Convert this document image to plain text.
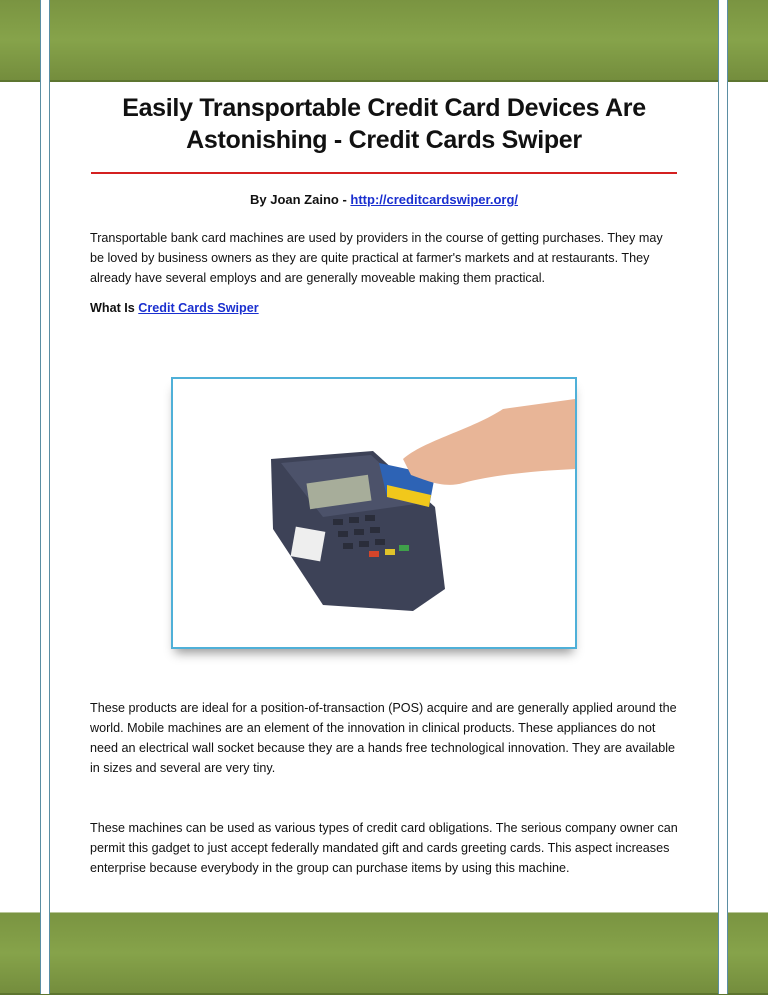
Easily Transportable Credit Card Devices Are Astonishing - Credit Cards Swiper
By Joan Zaino - http://creditcardswiper.org/
Transportable bank card machines are used by providers in the course of getting purchases. They may be loved by business owners as they are quite practical at farmer's markets and at restaurants. They already have several employs and are generally moveable making them practical.
What Is Credit Cards Swiper
These products are ideal for a position-of-transaction (POS) acquire and are generally applied around the world. Mobile machines are an element of the innovation in clinical products. These appliances do not need an electrical wall socket because they are a hands free technological innovation. They are available in sizes and several are very tiny.
These machines can be used as various types of credit card obligations. The serious company owner can permit this gadget to just accept federally mandated gift and cards greeting cards. This aspect increases enterprise because everybody in the group can purchase items by using this machine.
